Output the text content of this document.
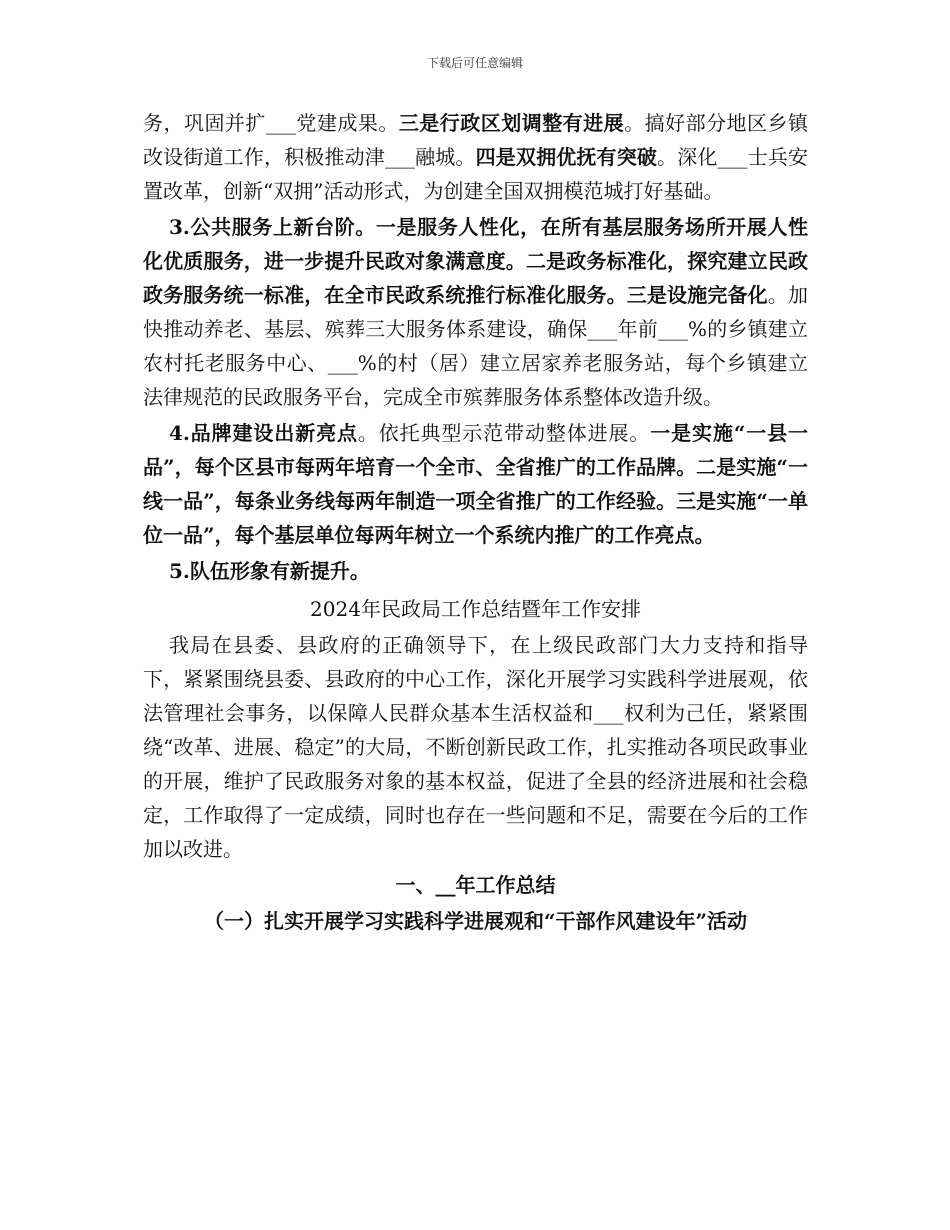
下载后可任意编辑

务，巩固并扩___党建成果。三是行政区划调整有进展。搞好部分地区乡镇改设街道工作，积极推动津___融城。四是双拥优抚有突破。深化___士兵安置改革，创新“双拥”活动形式，为创建全国双拥模范城打好基础。

3.公共服务上新台阶。一是服务人性化，在所有基层服务场所开展人性化优质服务，进一步提升民政对象满意度。二是政务标准化，探究建立民政政务服务统一标准，在全市民政系统推行标准化服务。三是设施完备化。加快推动养老、基层、殡葬三大服务体系建设，确保___年前___%的乡镇建立农村托老服务中心、___%的村（居）建立居家养老服务站，每个乡镇建立法律规范的民政服务平台，完成全市殡葬服务体系整体改造升级。

4.品牌建设出新亮点。依托典型示范带动整体进展。一是实施“一县一品”，每个区县市每两年培育一个全市、全省推广的工作品牌。二是实施“一线一品”，每条业务线每两年制造一项全省推广的工作经验。三是实施“一单位一品”，每个基层单位每两年树立一个系统内推广的工作亮点。

5.队伍形象有新提升。

2024年民政局工作总结暨年工作安排

我局在县委、县政府的正确领导下，在上级民政部门大力支持和指导下，紧紧围绕县委、县政府的中心工作，深化开展学习实践科学进展观，依法管理社会事务，以保障人民群众基本生活权益和___权利为己任，紧紧围绕“改革、进展、稳定”的大局，不断创新民政工作，扎实推动各项民政事业的开展，维护了民政服务对象的基本权益，促进了全县的经济进展和社会稳定，工作取得了一定成绩，同时也存在一些问题和不足，需要在今后的工作加以改进。

一、__年工作总结

（一）扎实开展学习实践科学进展观和“干部作风建设年”活动
